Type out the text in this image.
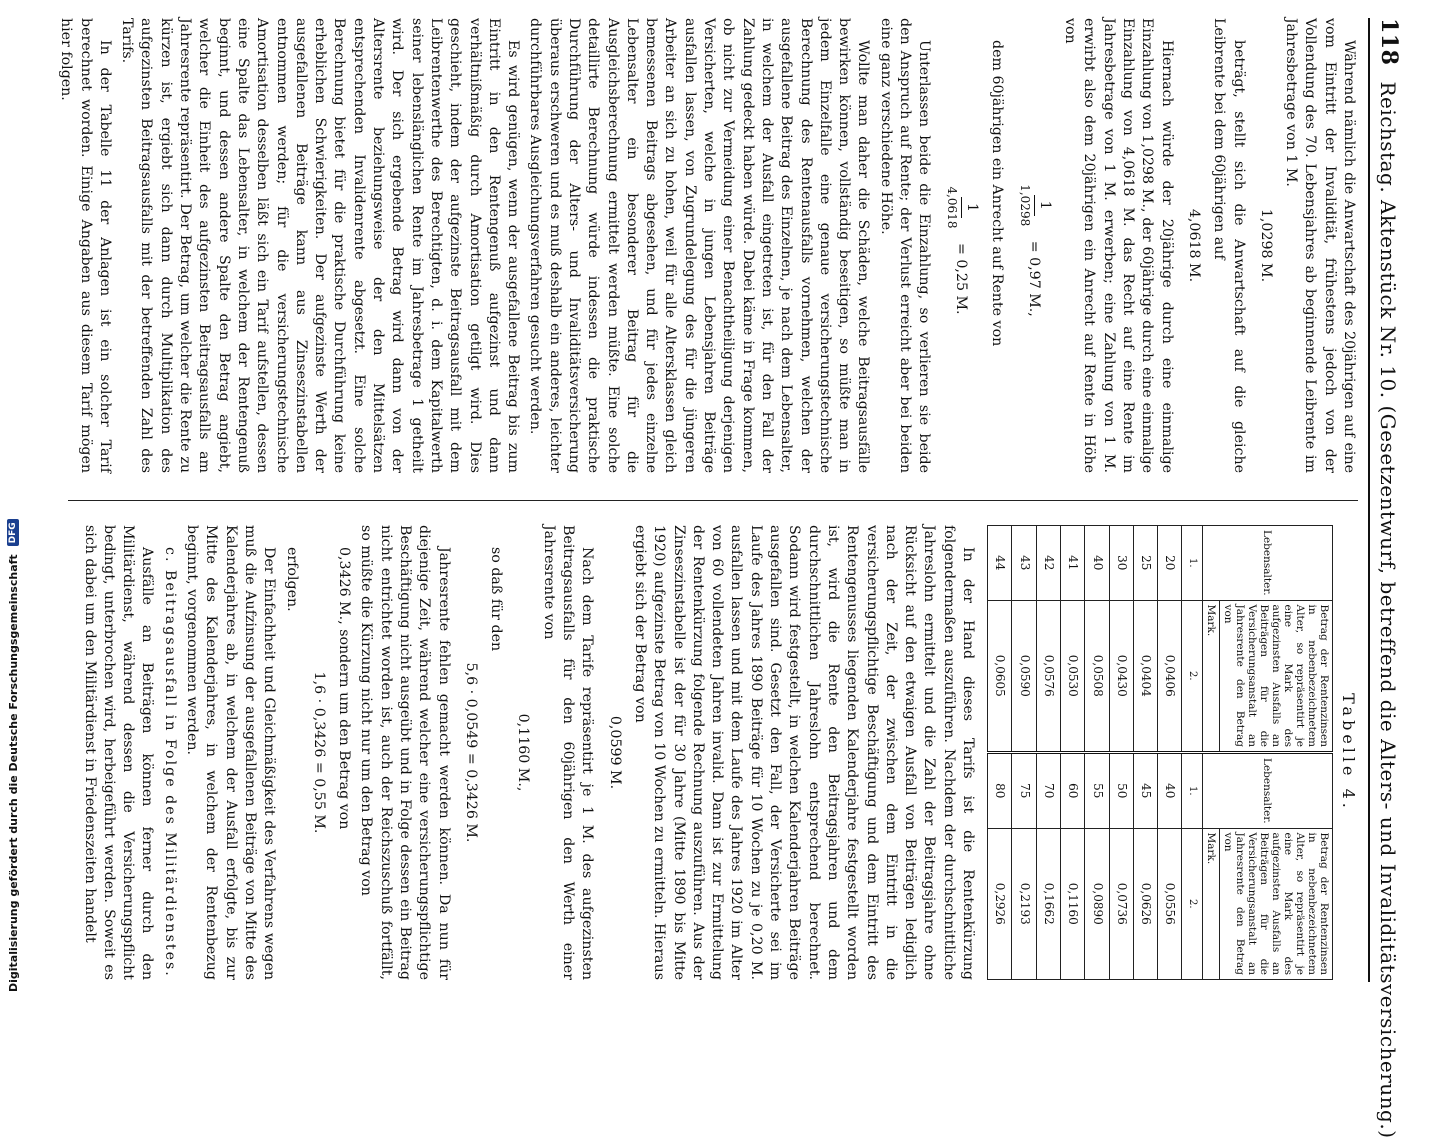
118
Reichstag. Aktenstück Nr. 10. (Gesetzentwurf, betreffend die Alters- und Invaliditätsversicherung.)

Während nämlich die Anwartschaft des 20jährigen auf eine vom Eintritt der Invalidität, frühestens jedoch von der Vollendung des 70. Lebensjahres ab beginnende Leibrente im Jahresbetrage von 1 M.

1,0298 M.

beträgt, stellt sich die Anwartschaft auf die gleiche Leibrente bei dem 60jährigen auf

4,0618 M.

Hiernach würde der 20jährige durch eine einmalige Einzahlung von 1,0298 M., der 60jährige durch eine einmalige Einzahlung von 4,0618 M. das Recht auf eine Rente im Jahresbetrage von 1 M. erwerben; eine Zahlung von 1 M. erwirbt also dem 20jährigen ein Anrecht auf Rente in Höhe von

1
1,0298
= 0,97 M.,

dem 60jährigen ein Anrecht auf Rente von

1
4,0618
= 0,25 M.

Unterlassen beide die Einzahlung, so verlieren sie beide den Anspruch auf Rente; der Verlust erreicht aber bei beiden eine ganz verschiedene Höhe.

Wollte man daher die Schäden, welche Beitragsausfälle bewirken können, vollständig beseitigen, so müßte man in jedem Einzelfalle eine genaue versicherungstechnische Berechnung des Rentenausfalls vornehmen, welchen der ausgefallene Beitrag des Einzelnen, je nach dem Lebensalter, in welchem der Ausfall eingetreten ist, für den Fall der Zahlung gedeckt haben würde. Dabei käme in Frage kommen, ob nicht zur Vermeidung einer Benachtheiligung derjenigen Versicherten, welche in jungen Lebensjahren Beiträge ausfallen lassen, von Zugrundelegung des für die jüngeren Arbeiter an sich zu hohen, weil für alle Altersklassen gleich bemessenen Beitrags abgesehen, und für jedes einzelne Lebensalter ein besonderer Beitrag für die Ausgleichsberechnung ermittelt werden müßte. Eine solche detaillirte Berechnung würde indessen die praktische Durchführung der Alters- und Invaliditätsversicherung überaus erschweren und es muß deshalb ein anderes, leichter durchführbares Ausgleichungsverfahren gesucht werden.

Es wird genügen, wenn der ausgefallene Beitrag bis zum Eintritt in den Rentengenuß aufgezinst und dann verhältnißmäßig durch Amortisation getilgt wird. Dies geschieht, indem der aufgezinste Beitragsausfall mit dem Leibrentenwerthe des Berechtigten, d. i. dem Kapitalwerth seiner lebenslänglichen Rente im Jahresbetrage 1 getheilt wird. Der sich ergebende Betrag wird dann von der Altersrente beziehungsweise der den Mittelsätzen entsprechenden Invalidenrente abgesetzt. Eine solche Berechnung bietet für die praktische Durchführung keine erheblichen Schwierigkeiten. Der aufgezinste Werth der ausgefallenen Beiträge kann aus Zinseszinstabellen entnommen werden; für die versicherungstechnische Amortisation desselben läßt sich ein Tarif aufstellen, dessen eine Spalte das Lebensalter, in welchem der Rentengenuß beginnt, und dessen andere Spalte den Betrag angiebt, welcher die Einheit des aufgezinsten Beitragsausfalls am Jahresrente repräsentirt. Der Betrag, um welcher die Rente zu kürzen ist, ergiebt sich dann durch Multiplikation des aufgezinsten Beitragsausfalls mit der betreffenden Zahl des Tarifs.

In der Tabelle 11 der Anlagen ist ein solcher Tarif berechnet worden. Einige Angaben aus diesem Tarif mögen hier folgen.

Tabelle 4.
Lebensalter.	Betrag der Rentenzinsen in nebenbezeichnetem Alter, so repräsentirt je eine Mark des aufgezinsten Ausfalls an Beiträgen für die Versicherungsanstalt an Jahresrente den Betrag von	Lebensalter.	Betrag der Rentenzinsen in nebenbezeichnetem Alter, so repräsentirt je eine Mark des aufgezinsten Ausfalls an Beiträgen für die Versicherungsanstalt an Jahresrente den Betrag von
	Mark.		Mark.
1.	2.	1.	2.
20	0,0406	40	0,0556
25	0,0404	45	0,0626
30	0,0430	50	0,0736
40	0,0508	55	0,0890
41	0,0530	60	0,1160
42	0,0576	70	0,1662
43	0,0590	75	0,2193
44	0,0605	80	0,2926

In der Hand dieses Tarifs ist die Rentenkürzung folgendermaßen auszuführen. Nachdem der durchschnittliche Jahreslohn ermittelt und die Zahl der Beitragsjahre ohne Rücksicht auf den etwaigen Ausfall von Beiträgen lediglich nach der Zeit, der zwischen dem Eintritt in die versicherungspflichtige Beschäftigung und dem Eintritt des Rentengenusses liegenden Kalenderjahre festgestellt worden ist, wird die Rente den Beitragsjahren und dem durchschnittlichen Jahreslohn entsprechend berechnet. Sodann wird festgestellt, in welchen Kalenderjahren Beiträge ausgefallen sind. Gesetzt den Fall, der Versicherte sei im Laufe des Jahres 1890 Beiträge für 10 Wochen zu je 0,20 M. ausfallen lassen und mit dem Laufe des Jahres 1920 im Alter von 60 vollendeten Jahren invalid. Dann ist zur Ermittelung der Rentenkürzung folgende Rechnung auszuführen. Aus der Zinseszinstabelle ist der für 30 Jahre (Mitte 1890 bis Mitte 1920) aufgezinste Betrag von 10 Wochen zu ermitteln. Hieraus ergiebt sich der Betrag von

0,0599 M.

Nach dem Tarife repräsentirt je 1 M. des aufgezinsten Beitragsausfalls für den 60jährigen den Werth einer Jahresrente von

0,1160 M.,

so daß für den

5,6 · 0,0549 = 0,3426 M.

Jahresrente fehlen gemacht werden können. Da nun für diejenige Zeit, während welcher eine versicherungspflichtige Beschäftigung nicht ausgeübt und in Folge dessen ein Beitrag nicht entrichtet worden ist, auch der Reichszuschuß fortfällt, so müßte die Kürzung nicht nur um den Betrag von

0,3426 M., sondern um den Betrag von

1,6 · 0,3426 = 0,55 M.

erfolgen.

Der Einfachheit und Gleichmäßigkeit des Verfahrens wegen muß die Aufzinsung der ausgefallenen Beiträge von Mitte des Kalenderjahres ab, in welchem der Ausfall erfolgte, bis zur Mitte des Kalenderjahres, in welchem der Rentenbezug beginnt, vorgenommen werden.

c. Beitragsausfall in Folge des Militärdienstes.

Ausfälle an Beiträgen können ferner durch den Militärdienst, während dessen die Versicherungspflicht bedingt, unterbrochen wird, herbeigeführt werden. Soweit es sich dabei um den Militärdienst in Friedenszeiten handelt

Digitalisierung gefördert durch die Deutsche Forschungsgemeinschaft
DFG
